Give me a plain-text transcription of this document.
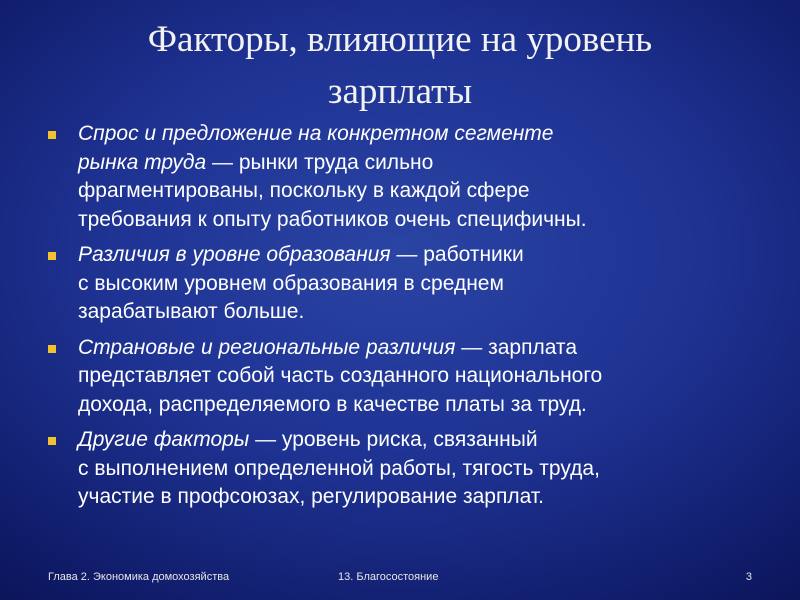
Факторы, влияющие на уровень
зарплаты
Спрос и предложение на конкретном сегменте
рынка труда — рынки труда сильно
фрагментированы, поскольку в каждой сфере
требования к опыту работников очень специфичны.
Различия в уровне образования — работники
с высоким уровнем образования в среднем
зарабатывают больше.
Страновые и региональные различия — зарплата
представляет собой часть созданного национального
дохода, распределяемого в качестве платы за труд.
Другие факторы — уровень риска, связанный
с выполнением определенной работы, тягость труда,
участие в профсоюзах, регулирование зарплат.
Глава 2. Экономика домохозяйства	13. Благосостояние	3
